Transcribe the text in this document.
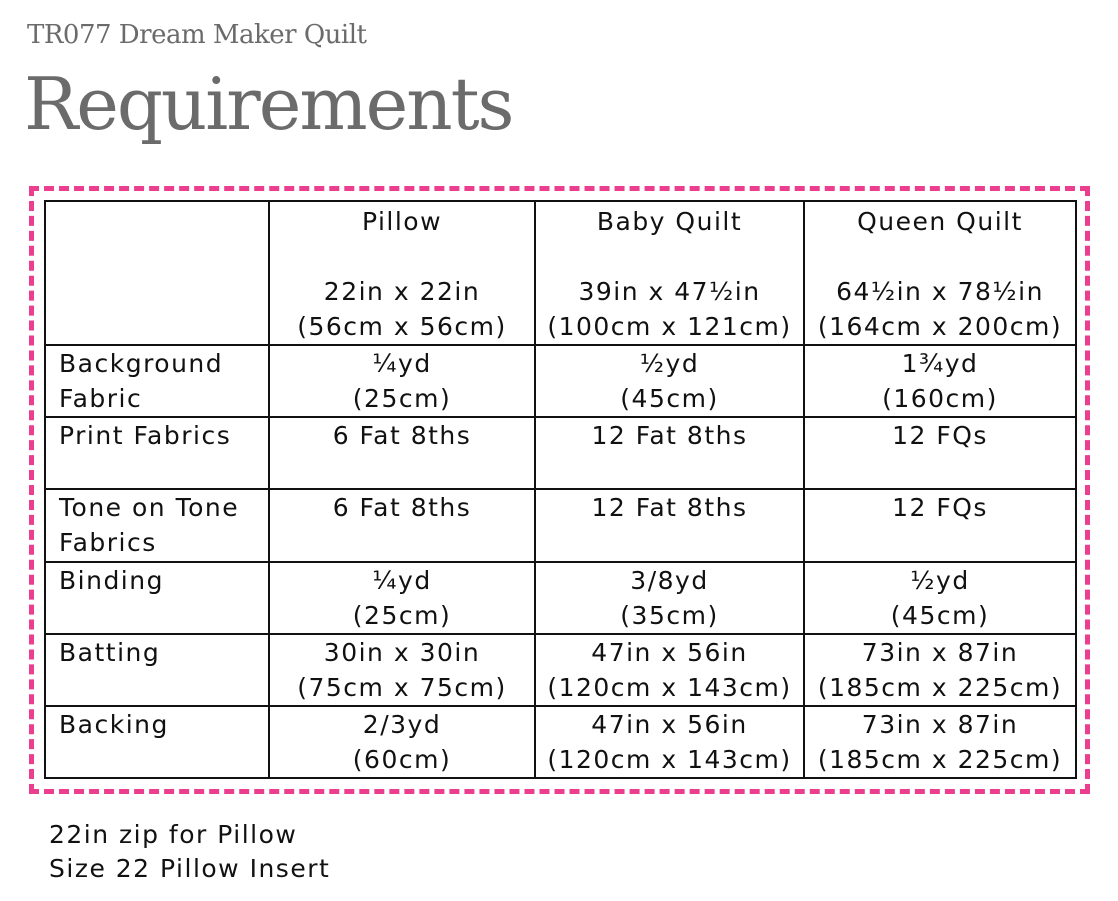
TR077 Dream Maker Quilt
Requirements

	Pillow
22in x 22in
(56cm x 56cm)	Baby Quilt
39in x 47½in
(100cm x 121cm)	Queen Quilt
64½in x 78½in
(164cm x 200cm)

Background
Fabric	¼yd
(25cm)	½yd
(45cm)	1¾yd
(160cm)

Print Fabrics	6 Fat 8ths	12 Fat 8ths	12 FQs

Tone on Tone
Fabrics	6 Fat 8ths	12 Fat 8ths	12 FQs

Binding	¼yd
(25cm)	3/8yd
(35cm)	½yd
(45cm)

Batting	30in x 30in
(75cm x 75cm)	47in x 56in
(120cm x 143cm)	73in x 87in
(185cm x 225cm)

Backing	2/3yd
(60cm)	47in x 56in
(120cm x 143cm)	73in x 87in
(185cm x 225cm)
22in zip for Pillow
Size 22 Pillow Insert
